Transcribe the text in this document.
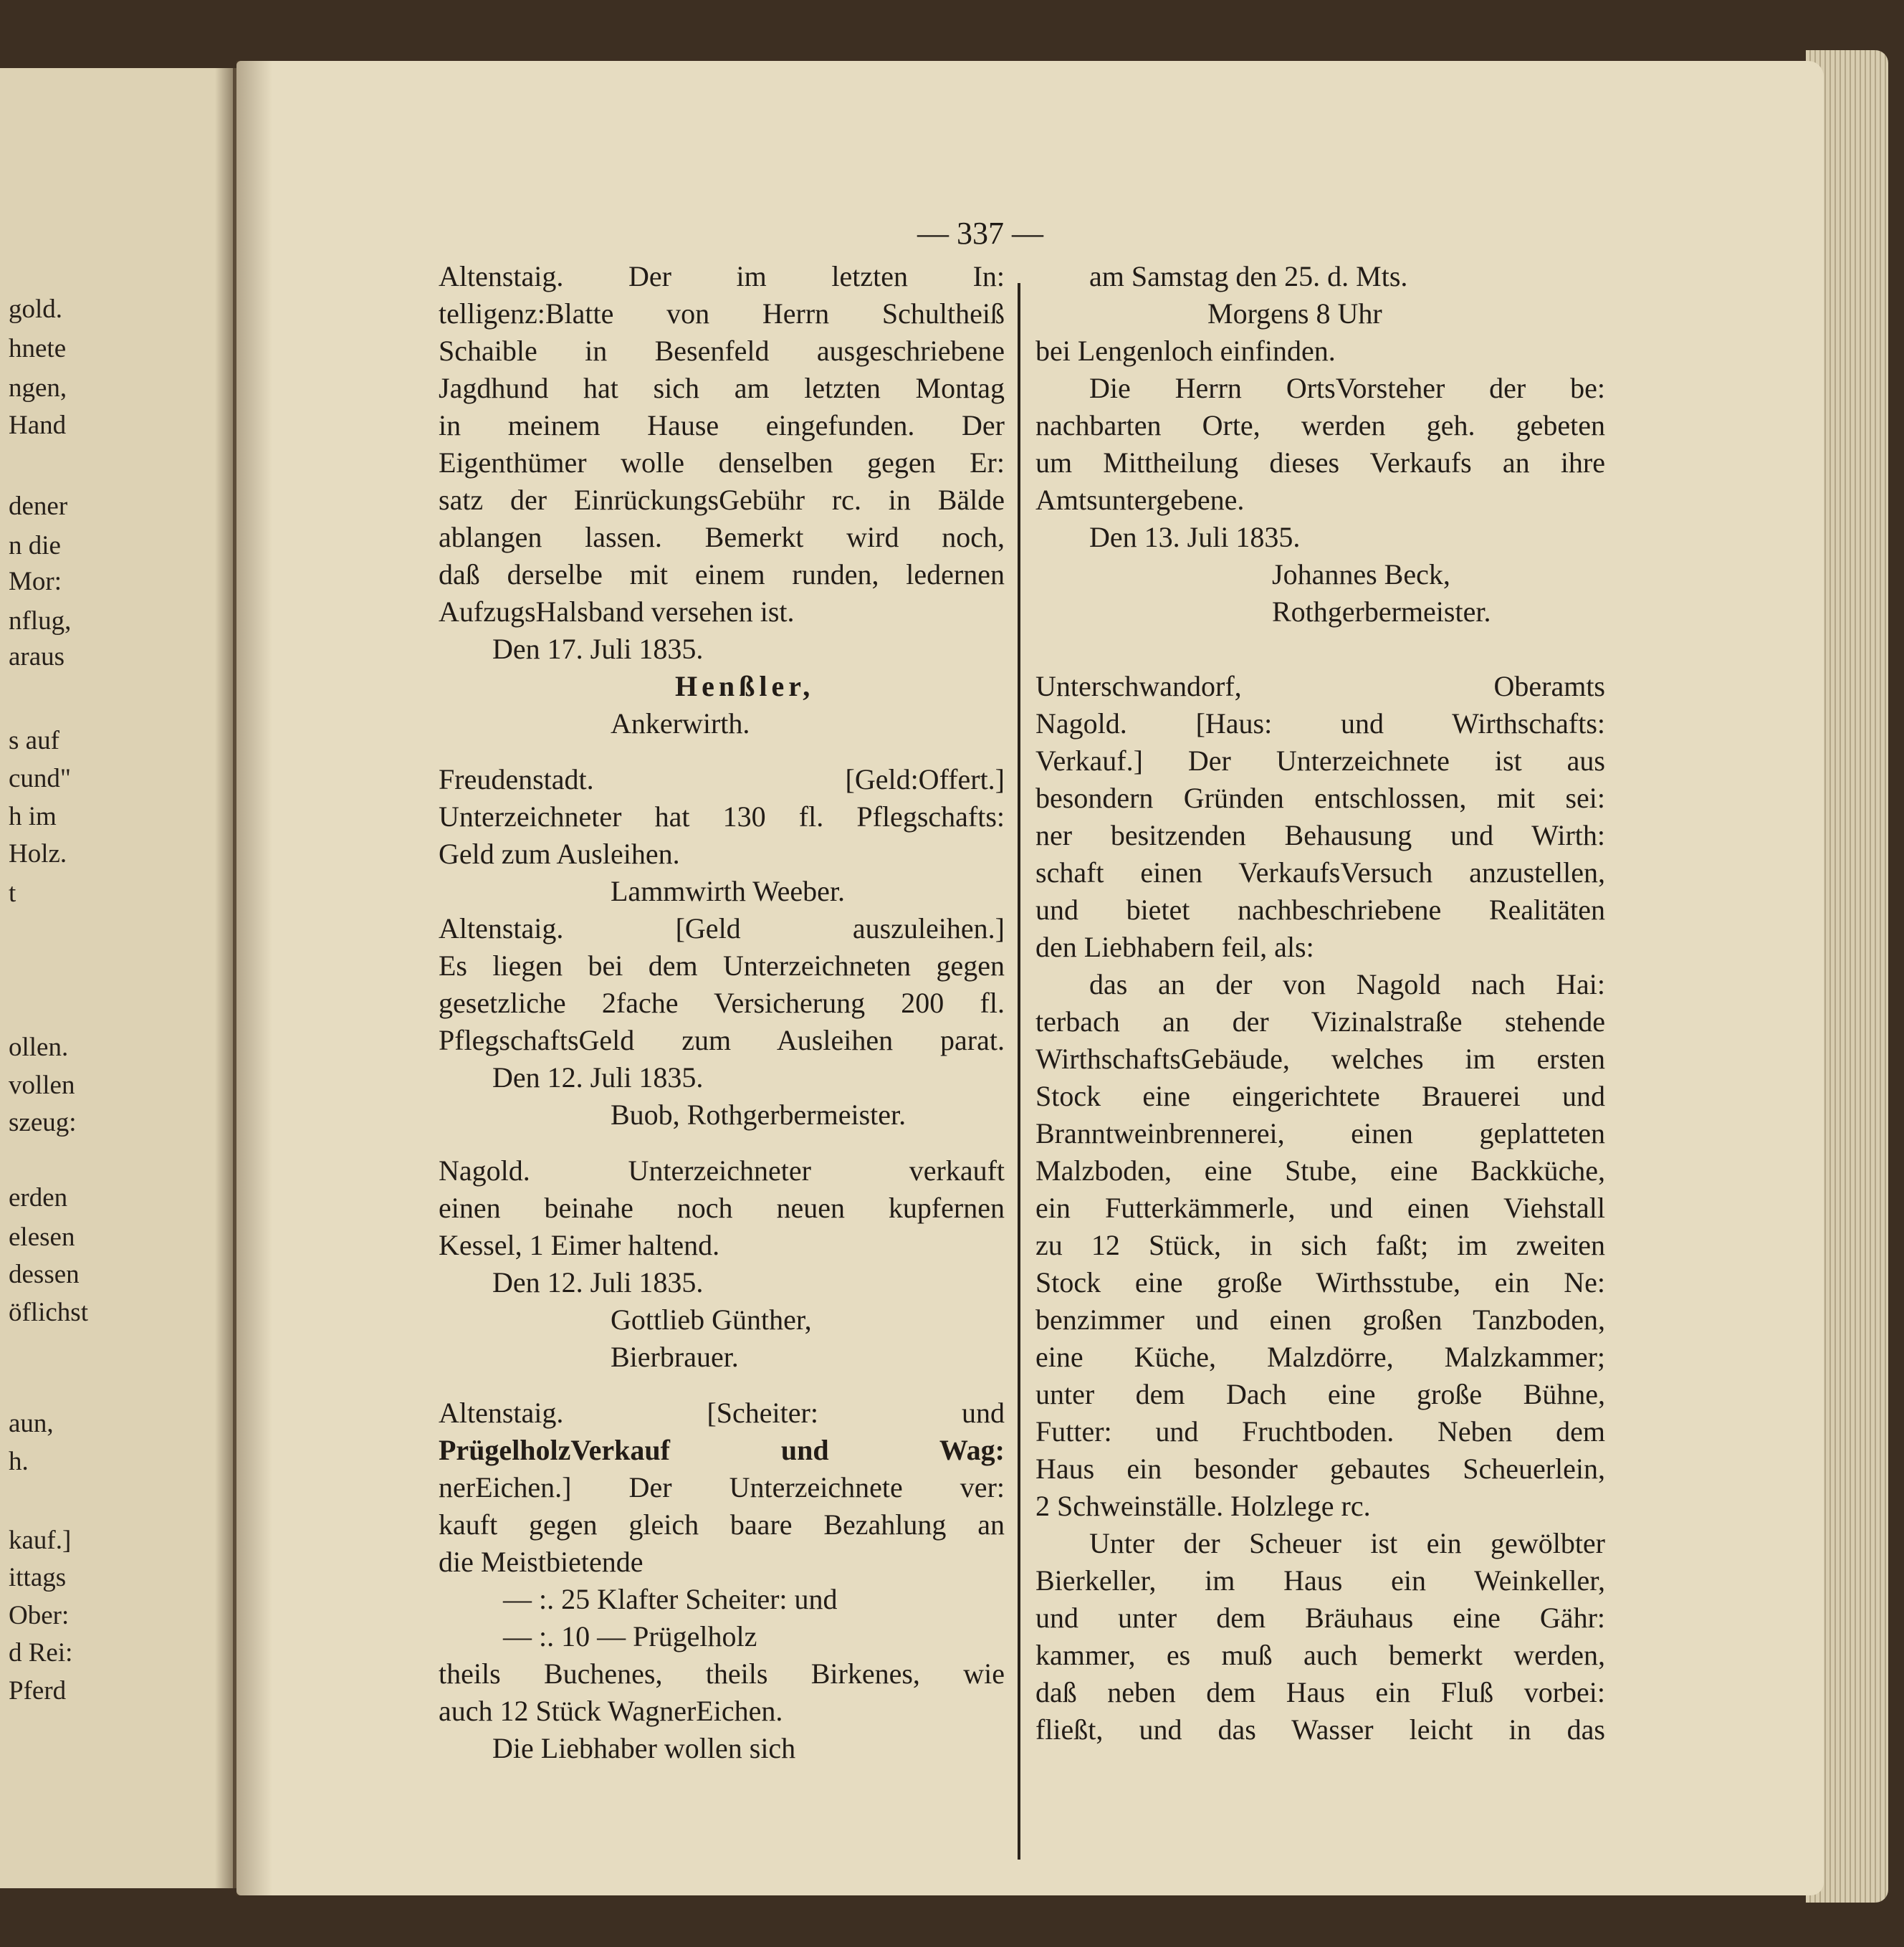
gold.
hnete
ngen,
Hand
dener
n die
Mor:
nflug,
araus
s auf
cund"
h im
Holz.
t
ollen.
vollen
szeug:
erden
elesen
dessen
öflichst
aun,
h.
kauf.]
ittags
Ober:
d Rei:
Pferd
— 337 —
Altenstaig. Der im letzten In:
telligenz:Blatte von Herrn Schultheiß
Schaible in Besenfeld ausgeschriebene
Jagdhund hat sich am letzten Montag
in meinem Hause eingefunden. Der
Eigenthümer wolle denselben gegen Er:
satz der EinrückungsGebühr rc. in Bälde
ablangen lassen. Bemerkt wird noch,
daß derselbe mit einem runden, ledernen
AufzugsHalsband versehen ist.
Den 17. Juli 1835.
Henßler,
Ankerwirth.
Freudenstadt. [Geld:Offert.]
Unterzeichneter hat 130 fl. Pflegschafts:
Geld zum Ausleihen.
Lammwirth Weeber.
Altenstaig. [Geld auszuleihen.]
Es liegen bei dem Unterzeichneten gegen
gesetzliche 2fache Versicherung 200 fl.
PflegschaftsGeld zum Ausleihen parat.
Den 12. Juli 1835.
Buob, Rothgerbermeister.
Nagold. Unterzeichneter verkauft
einen beinahe noch neuen kupfernen
Kessel, 1 Eimer haltend.
Den 12. Juli 1835.
Gottlieb Günther,
Bierbrauer.
Altenstaig. [Scheiter: und
PrügelholzVerkauf und Wag:
nerEichen.] Der Unterzeichnete ver:
kauft gegen gleich baare Bezahlung an
die Meistbietende
— :. 25 Klafter Scheiter: und
— :. 10 — Prügelholz
theils Buchenes, theils Birkenes, wie
auch 12 Stück WagnerEichen.
Die Liebhaber wollen sich
am Samstag den 25. d. Mts.
Morgens 8 Uhr
bei Lengenloch einfinden.
Die Herrn OrtsVorsteher der be:
nachbarten Orte, werden geh. gebeten
um Mittheilung dieses Verkaufs an ihre
Amtsuntergebene.
Den 13. Juli 1835.
Johannes Beck,
Rothgerbermeister.
Unterschwandorf, Oberamts
Nagold. [Haus: und Wirthschafts:
Verkauf.] Der Unterzeichnete ist aus
besondern Gründen entschlossen, mit sei:
ner besitzenden Behausung und Wirth:
schaft einen VerkaufsVersuch anzustellen,
und bietet nachbeschriebene Realitäten
den Liebhabern feil, als:
das an der von Nagold nach Hai:
terbach an der Vizinalstraße stehende
WirthschaftsGebäude, welches im ersten
Stock eine eingerichtete Brauerei und
Branntweinbrennerei, einen geplatteten
Malzboden, eine Stube, eine Backküche,
ein Futterkämmerle, und einen Viehstall
zu 12 Stück, in sich faßt; im zweiten
Stock eine große Wirthsstube, ein Ne:
benzimmer und einen großen Tanzboden,
eine Küche, Malzdörre, Malzkammer;
unter dem Dach eine große Bühne,
Futter: und Fruchtboden. Neben dem
Haus ein besonder gebautes Scheuerlein,
2 Schweinställe. Holzlege rc.
Unter der Scheuer ist ein gewölbter
Bierkeller, im Haus ein Weinkeller,
und unter dem Bräuhaus eine Gähr:
kammer, es muß auch bemerkt werden,
daß neben dem Haus ein Fluß vorbei:
fließt, und das Wasser leicht in das
